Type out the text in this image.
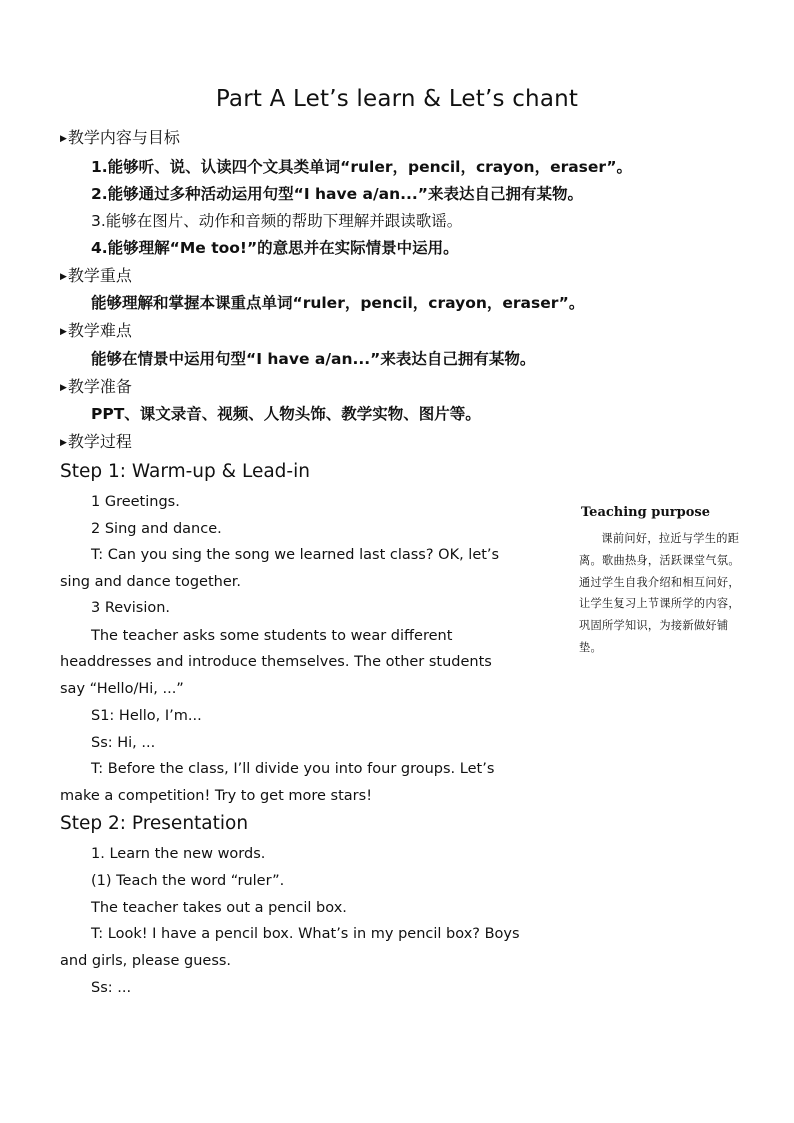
Part A Let’s learn & Let’s chant
▶教学内容与目标
1.能够听、说、认读四个文具类单词“ruler，pencil，crayon，eraser”。
2.能够通过多种活动运用句型“I have a/an...”来表达自己拥有某物。
3.能够在图片、动作和音频的帮助下理解并跟读歌谣。
4.能够理解“Me too!”的意思并在实际情景中运用。
▶教学重点
能够理解和掌握本课重点单词“ruler，pencil，crayon，eraser”。
▶教学难点
能够在情景中运用句型“I have a/an...”来表达自己拥有某物。
▶教学准备
PPT、课文录音、视频、人物头饰、教学实物、图片等。
▶教学过程
Step 1: Warm-up & Lead-in
1 Greetings.
2 Sing and dance.
T: Can you sing the song we learned last class? OK, let’s
sing and dance together.
3 Revision.
The teacher asks some students to wear different
headdresses and introduce themselves. The other students
say “Hello/Hi, ...”
S1: Hello, I’m...
Ss: Hi, ...
T: Before the class, I’ll divide you into four groups. Let’s
make a competition! Try to get more stars!
Step 2: Presentation
1. Learn the new words.
(1) Teach the word “ruler”.
The teacher takes out a pencil box.
T: Look! I have a pencil box. What’s in my pencil box? Boys
and girls, please guess.
Ss: ...
Teaching purpose
课前问好，拉近与学生的距离。歌曲热身，活跃课堂气氛。通过学生自我介绍和相互问好，让学生复习上节课所学的内容，巩固所学知识，为接新做好铺垫。
